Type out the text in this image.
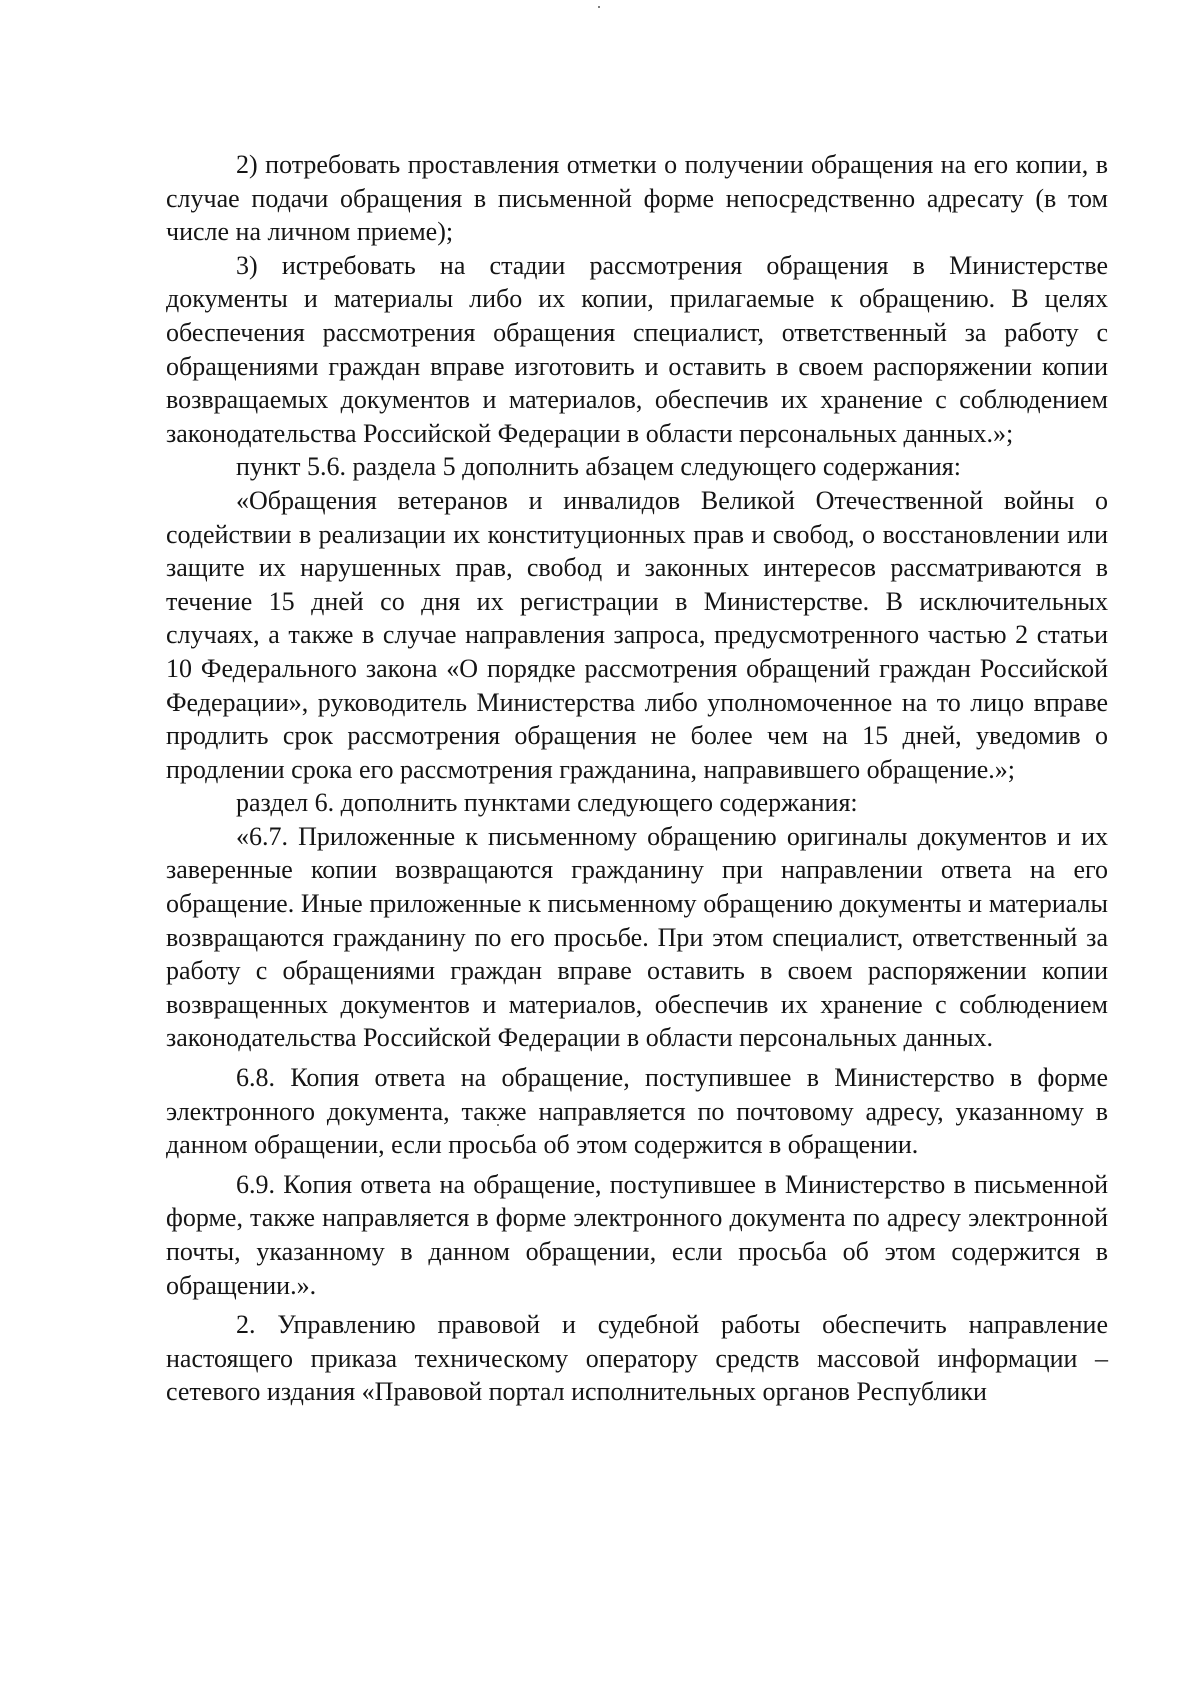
2) потребовать проставления отметки о получении обращения на его копии, в случае подачи обращения в письменной форме непосредственно адресату (в том числе на личном приеме);

3) истребовать на стадии рассмотрения обращения в Министерстве документы и материалы либо их копии, прилагаемые к обращению. В целях обеспечения рассмотрения обращения специалист, ответственный за работу с обращениями граждан вправе изготовить и оставить в своем распоряжении копии возвращаемых документов и материалов, обеспечив их хранение с соблюдением законодательства Российской Федерации в области персональных данных.»;

пункт 5.6. раздела 5 дополнить абзацем следующего содержания:

«Обращения ветеранов и инвалидов Великой Отечественной войны о содействии в реализации их конституционных прав и свобод, о восстановлении или защите их нарушенных прав, свобод и законных интересов рассматриваются в течение 15 дней со дня их регистрации в Министерстве. В исключительных случаях, а также в случае направления запроса, предусмотренного частью 2 статьи 10 Федерального закона «О порядке рассмотрения обращений граждан Российской Федерации», руководитель Министерства либо уполномоченное на то лицо вправе продлить срок рассмотрения обращения не более чем на 15 дней, уведомив о продлении срока его рассмотрения гражданина, направившего обращение.»;

раздел 6. дополнить пунктами следующего содержания:

«6.7. Приложенные к письменному обращению оригиналы документов и их заверенные копии возвращаются гражданину при направлении ответа на его обращение. Иные приложенные к письменному обращению документы и материалы возвращаются гражданину по его просьбе. При этом специалист, ответственный за работу с обращениями граждан вправе оставить в своем распоряжении копии возвращенных документов и материалов, обеспечив их хранение с соблюдением законодательства Российской Федерации в области персональных данных.

6.8. Копия ответа на обращение, поступившее в Министерство в форме электронного документа, также направляется по почтовому адресу, указанному в данном обращении, если просьба об этом содержится в обращении.

6.9. Копия ответа на обращение, поступившее в Министерство в письменной форме, также направляется в форме электронного документа по адресу электронной почты, указанному в данном обращении, если просьба об этом содержится в обращении.».

2. Управлению правовой и судебной работы обеспечить направление настоящего приказа техническому оператору средств массовой информации – сетевого издания «Правовой портал исполнительных органов Республики
